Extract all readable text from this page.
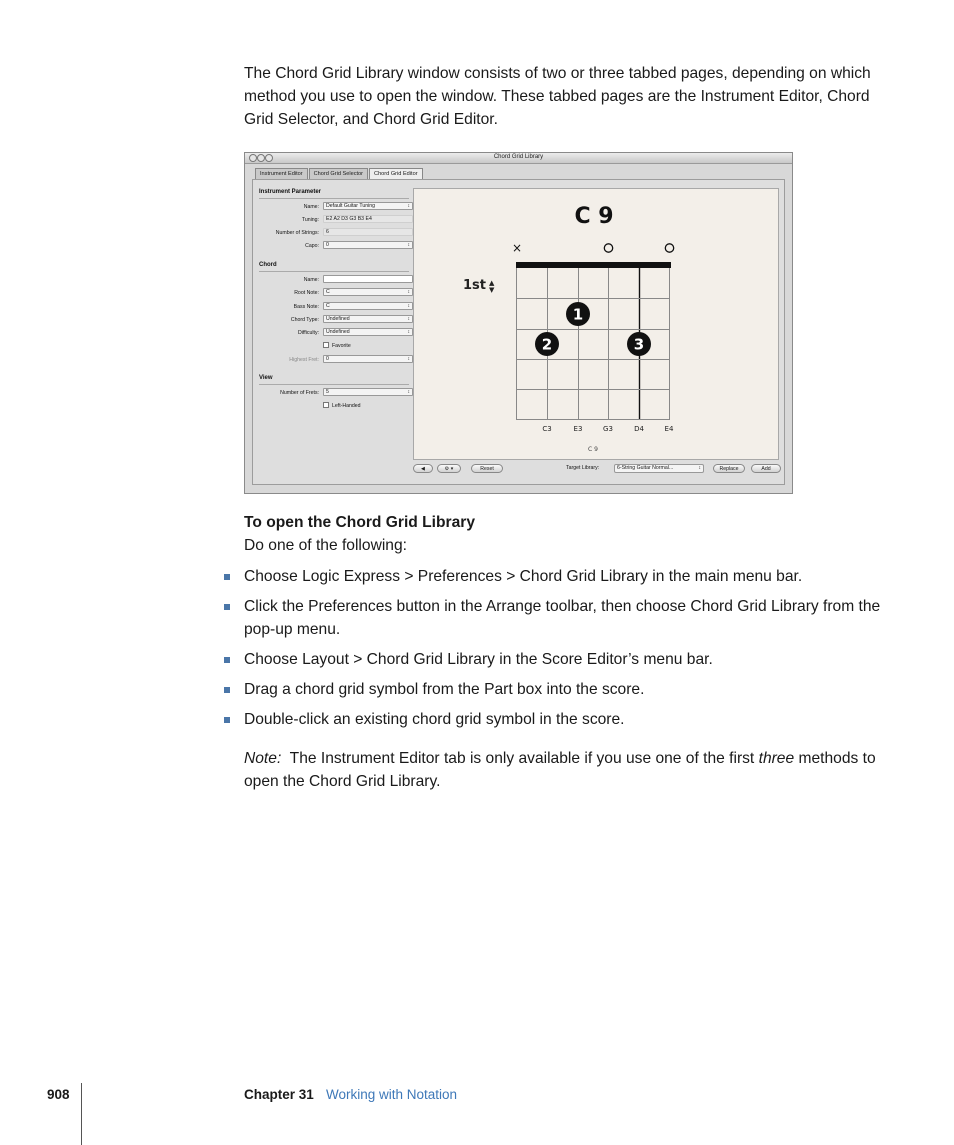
The Chord Grid Library window consists of two or three tabbed pages, depending on which method you use to open the window. These tabbed pages are the Instrument Editor, Chord Grid Selector, and Chord Grid Editor.

Chord Grid Library
Instrument Editor	Chord Grid Selector	Chord Grid Editor
Instrument Parameter
Name:	Default Guitar Tuning ↕
Tuning:	E2 A2 D3 G3 B3 E4
Number of Strings:	6
Capo:	0 ↕
Chord
Name:
Root Note:	C ↕
Bass Note:	C ↕
Chord Type:	Undefined ↕
Difficulty:	Undefined ↕
Favorite
Highest Fret:	0 ↕
View
Number of Frets:	5 ↕
Left-Handed
C 9
×
1st ▲
▼
1
2	3
C3	E3	G3	D4	E4
C 9
◀	⚙ ▾	Reset	Target Library:	6-String Guitar Normal... ↕	Replace	Add

To open the Chord Grid Library

Do one of the following:

Choose Logic Express > Preferences > Chord Grid Library in the main menu bar.
Click the Preferences button in the Arrange toolbar, then choose Chord Grid Library from the pop-up menu.
Choose Layout > Chord Grid Library in the Score Editor’s menu bar.
Drag a chord grid symbol from the Part box into the score.
Double-click an existing chord grid symbol in the score.

Note: The Instrument Editor tab is only available if you use one of the first three methods to open the Chord Grid Library.

908	Chapter 31 Working with Notation
